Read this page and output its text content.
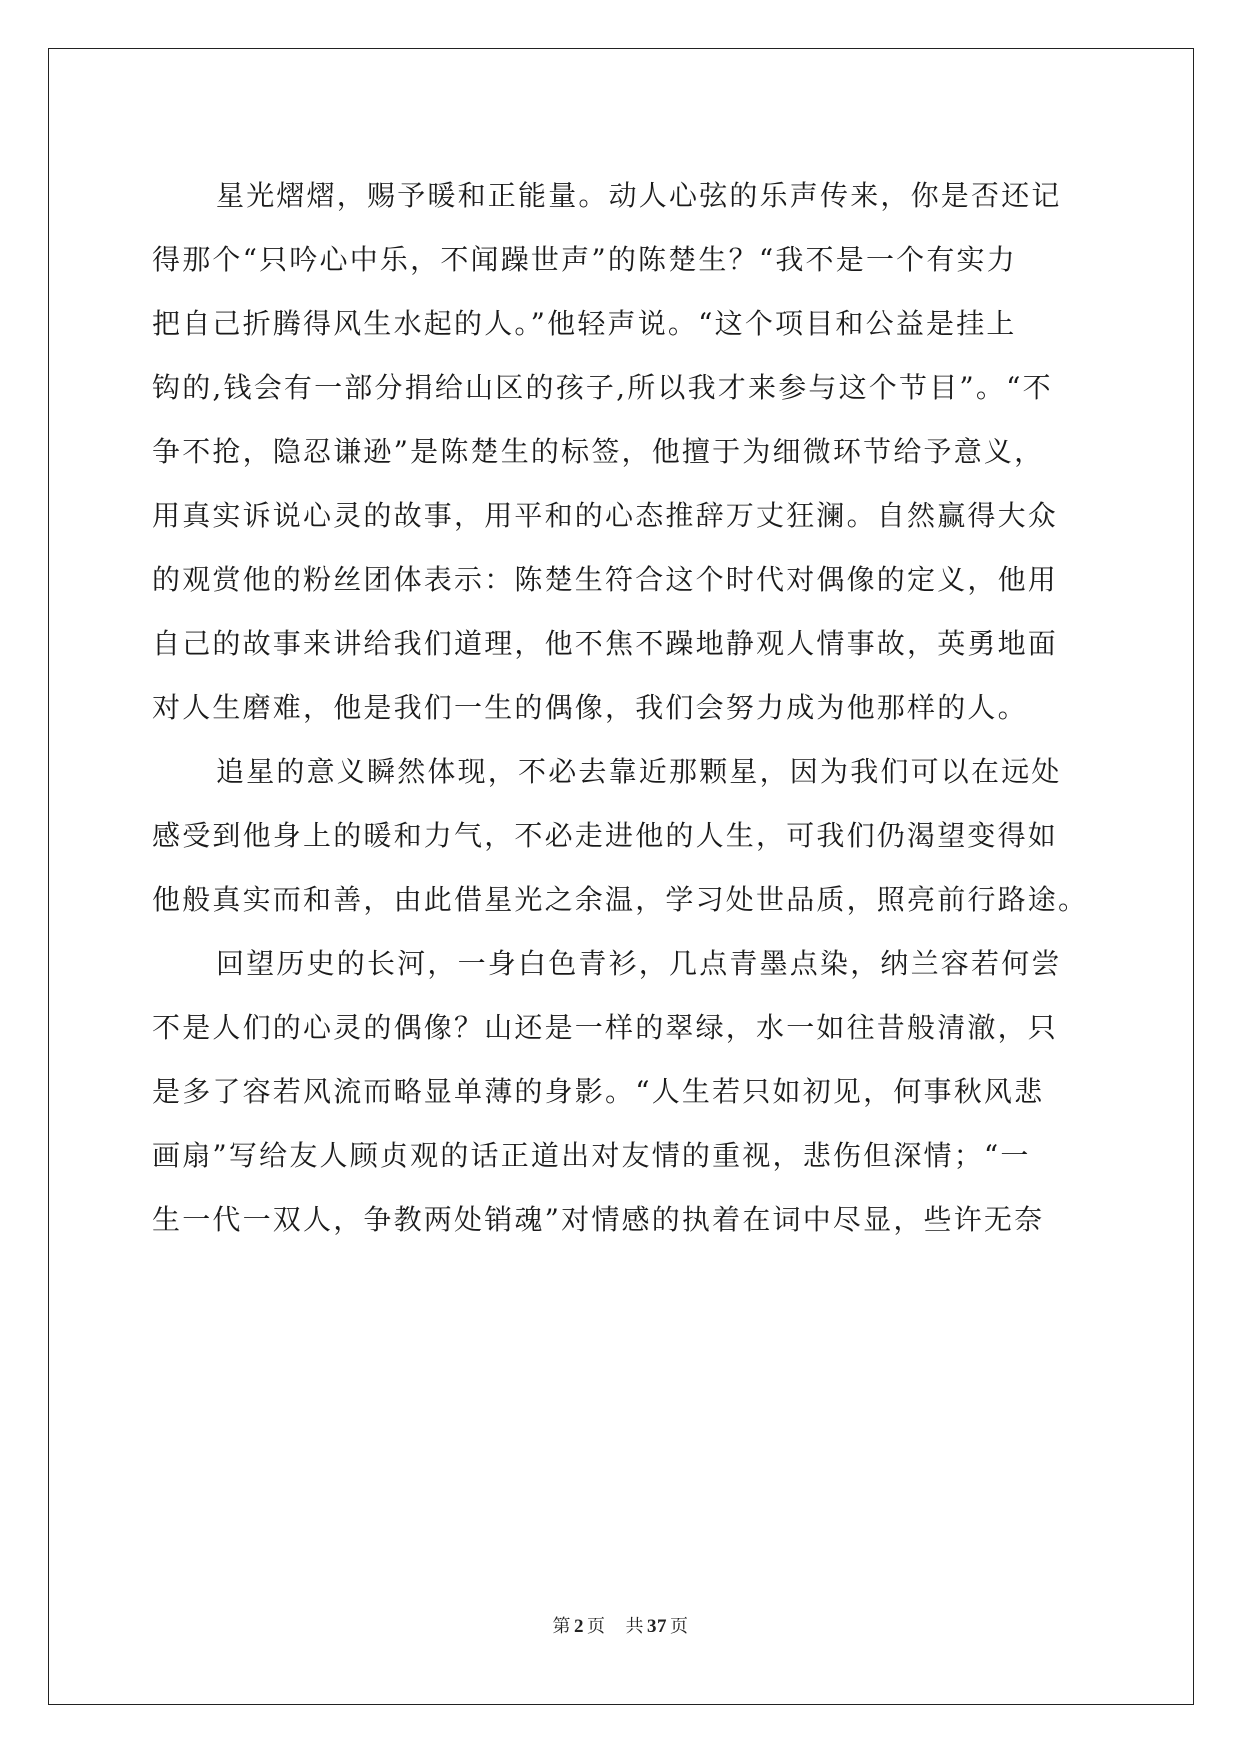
星光熠熠，赐予暖和正能量。动人心弦的乐声传来，你是否还记
得那个“只吟心中乐，不闻躁世声”的陈楚生？“我不是一个有实力
把自己折腾得风生水起的人。”他轻声说。“这个项目和公益是挂上
钩的,钱会有一部分捐给山区的孩子,所以我才来参与这个节目”。“不
争不抢，隐忍谦逊”是陈楚生的标签，他擅于为细微环节给予意义，
用真实诉说心灵的故事，用平和的心态推辞万丈狂澜。自然赢得大众
的观赏他的粉丝团体表示：陈楚生符合这个时代对偶像的定义，他用
自己的故事来讲给我们道理，他不焦不躁地静观人情事故，英勇地面
对人生磨难，他是我们一生的偶像，我们会努力成为他那样的人。
追星的意义瞬然体现，不必去靠近那颗星，因为我们可以在远处
感受到他身上的暖和力气，不必走进他的人生，可我们仍渴望变得如
他般真实而和善，由此借星光之余温，学习处世品质，照亮前行路途。
回望历史的长河，一身白色青衫，几点青墨点染，纳兰容若何尝
不是人们的心灵的偶像？山还是一样的翠绿，水一如往昔般清澈，只
是多了容若风流而略显单薄的身影。“人生若只如初见，何事秋风悲
画扇”写给友人顾贞观的话正道出对友情的重视，悲伤但深情；“一
生一代一双人，争教两处销魂”对情感的执着在词中尽显，些许无奈
第 2 页 共 37 页
